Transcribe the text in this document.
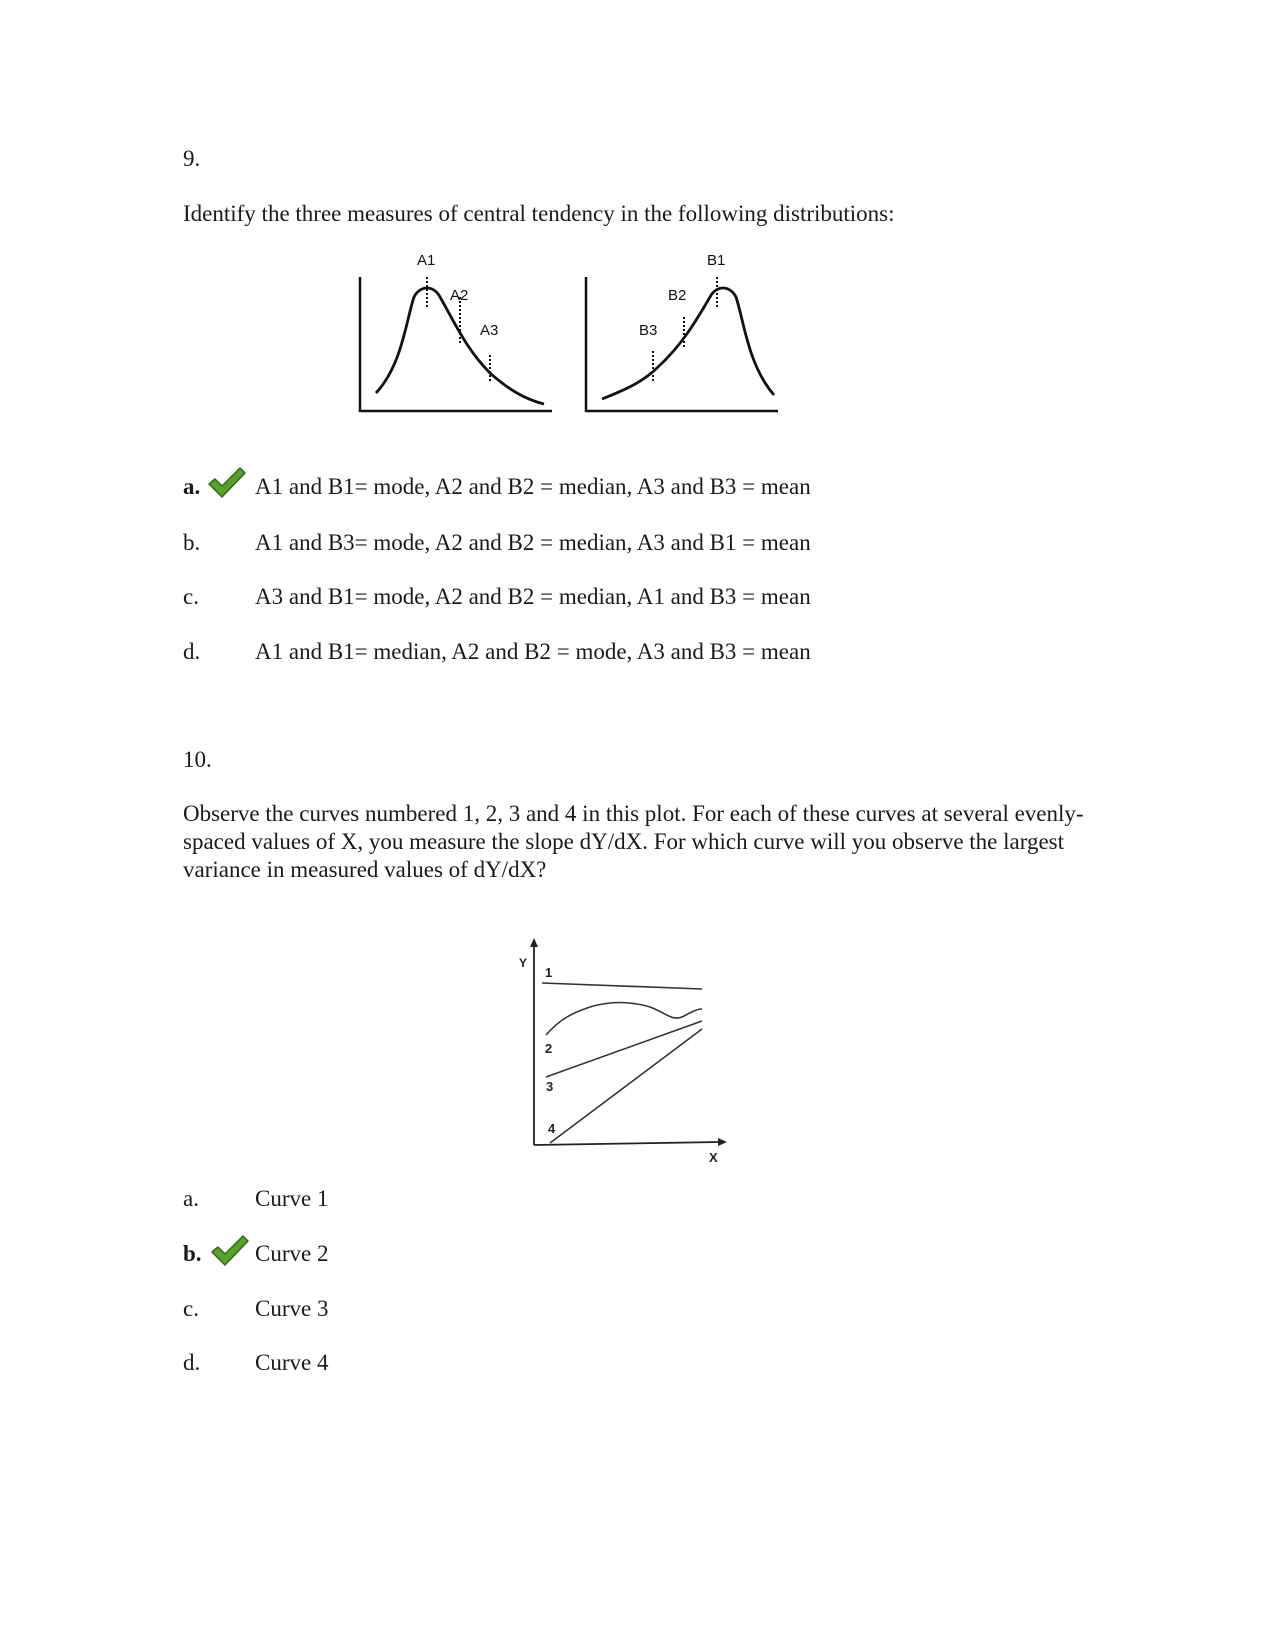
9.
Identify the three measures of central tendency in the following distributions:
A1
A2
A3
B1
B2
B3
a.	A1 and B1= mode, A2 and B2 = median, A3 and B3 = mean
b.	A1 and B3= mode, A2 and B2 = median, A3 and B1 = mean
c.	A3 and B1= mode, A2 and B2 = median, A1 and B3 = mean
d.	A1 and B1= median, A2 and B2 = mode, A3 and B3 = mean
10.
Observe the curves numbered 1, 2, 3 and 4 in this plot. For each of these curves at several evenly-spaced values of X, you measure the slope dY/dX. For which curve will you observe the largest variance in measured values of dY/dX?
Y
X
1
2
3
4
a.	Curve 1
b.	Curve 2
c.	Curve 3
d.	Curve 4
